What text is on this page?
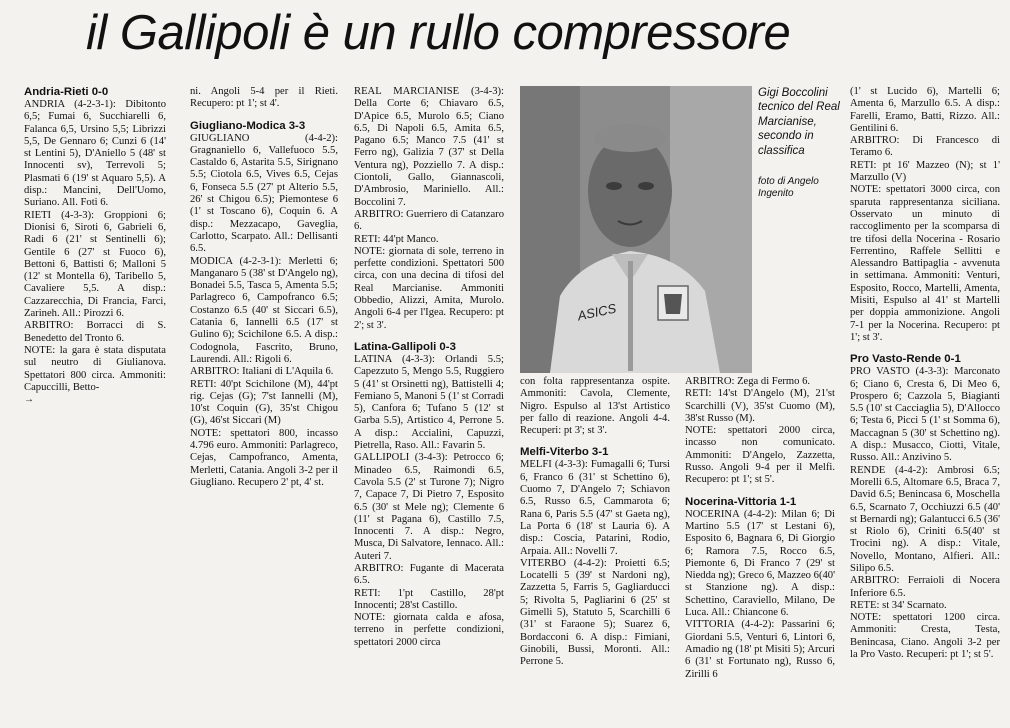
il Gallipoli è un rullo compressore

Andria-Rieti 0-0

ANDRIA (4-2-3-1): Dibitonto 6,5; Fumai 6, Succhiarelli 6, Falanca 6,5, Ursino 5,5; Librizzi 5,5, De Gennaro 6; Cunzi 6 (14' st Lentini 5), D'Aniello 5 (48' st Innocenti sv), Terrevoli 5; Plasmati 6 (19' st Aquaro 5,5). A disp.: Mancini, Dell'Uomo, Suriano. All. Foti 6.

RIETI (4-3-3): Groppioni 6; Dionisi 6, Siroti 6, Gabrieli 6, Radi 6 (21' st Sentinelli 6); Gentile 6 (27' st Fuoco 6), Bettoni 6, Battisti 6; Malloni 5 (12' st Montella 6), Taribello 5, Cavaliere 5,5. A disp.: Cazzarecchia, Di Francia, Farci, Zarineh. All.: Pirozzi 6.

ARBITRO: Borracci di S. Benedetto del Tronto 6.

NOTE: la gara è stata disputata sul neutro di Giulianova. Spettatori 800 circa. Ammoniti: Capuccilli, Betto-

→

ni. Angoli 5-4 per il Rieti. Recupero: pt 1'; st 4'.

Giugliano-Modica 3-3

GIUGLIANO (4-4-2): Gragnaniello 6, Vallefuoco 5.5, Castaldo 6, Astarita 5.5, Sirignano 5.5; Ciotola 6.5, Vives 6.5, Cejas 6, Fonseca 5.5 (27' pt Alterio 5.5, 26' st Chigou 6.5); Piemontese 6 (1' st Toscano 6), Coquin 6. A disp.: Mezzacapo, Gaveglia, Carlotto, Scarpato. All.: Dellisanti 6.5.

MODICA (4-2-3-1): Merletti 6; Manganaro 5 (38' st D'Angelo ng), Bonadei 5.5, Tasca 5, Amenta 5.5; Parlagreco 6, Campofranco 6.5; Costanzo 6.5 (40' st Siccari 6.5), Catania 6, Iannelli 6.5 (17' st Gulino 6); Scichilone 6.5. A disp.: Codognola, Fascrito, Bruno, Laurendi. All.: Rigoli 6.

ARBITRO: Italiani di L'Aquila 6.

RETI: 40'pt Scichilone (M), 44'pt rig. Cejas (G); 7'st Iannelli (M), 10'st Coquin (G), 35'st Chigou (G), 46'st Siccari (M)

NOTE: spettatori 800, incasso 4.796 euro. Ammoniti: Parlagreco, Cejas, Campofranco, Amenta, Merletti, Catania. Angoli 3-2 per il Giugliano. Recupero 2' pt, 4' st.

REAL MARCIANISE (3-4-3): Della Corte 6; Chiavaro 6.5, D'Apice 6.5, Murolo 6.5; Ciano 6.5, Di Napoli 6.5, Amita 6.5, Pagano 6.5; Manco 7.5 (41' st Ferro ng), Galizia 7 (37' st Della Ventura ng), Pozziello 7. A disp.: Ciontoli, Gallo, Giannascoli, D'Ambrosio, Mariniello. All.: Boccolini 7.

ARBITRO: Guerriero di Catanzaro 6.

RETI: 44'pt Manco.

NOTE: giornata di sole, terreno in perfette condizioni. Spettatori 500 circa, con una decina di tifosi del Real Marcianise. Ammoniti Obbedio, Alizzi, Amita, Murolo. Angoli 6-4 per l'Igea. Recupero: pt 2'; st 3'.

Latina-Gallipoli 0-3

LATINA (4-3-3): Orlandi 5.5; Capezzuto 5, Mengo 5.5, Ruggiero 5 (41' st Orsinetti ng), Battistelli 4; Femiano 5, Manoni 5 (1' st Corradi 5), Canfora 6; Tufano 5 (12' st Garba 5.5), Artistico 4, Perrone 5. A disp.: Accialini, Capuzzi, Pietrella, Raso. All.: Favarin 5.

GALLIPOLI (3-4-3): Petrocco 6; Minadeo 6.5, Raimondi 6.5, Cavola 5.5 (2' st Turone 7); Nigro 7, Capace 7, Di Pietro 7, Esposito 6.5 (30' st Mele ng); Clemente 6 (11' st Pagana 6), Castillo 7.5, Innocenti 7. A disp.: Negro, Musca, Di Salvatore, Iennaco. All.: Auteri 7.

ARBITRO: Fugante di Macerata 6.5.

RETI: 1'pt Castillo, 28'pt Innocenti; 28'st Castillo.

NOTE: giornata calda e afosa, terreno in perfette condizioni, spettatori 2000 circa

ASICS
Gigi Boccolini tecnico del Real Marcianise, secondo in classifica
foto di Angelo Ingenito

con folta rappresentanza ospite. Ammoniti: Cavola, Clemente, Nigro. Espulso al 13'st Artistico per fallo di reazione. Angoli 4-4. Recuperi: pt 3'; st 3'.

Melfi-Viterbo 3-1

MELFI (4-3-3): Fumagalli 6; Tursi 6, Franco 6 (31' st Schettino 6), Cuomo 7, D'Angelo 7; Schiavon 6.5, Russo 6.5, Cammarota 6; Rana 6, Paris 5.5 (47' st Gaeta ng), La Porta 6 (18' st Lauria 6). A disp.: Coscia, Patarini, Rodio, Arpaia. All.: Novelli 7.

VITERBO (4-4-2): Proietti 6.5; Locatelli 5 (39' st Nardoni ng), Zazzetta 5, Farris 5, Gagliarducci 5; Rivolta 5, Pagliarini 6 (25' st Gimelli 5), Statuto 5, Scarchilli 6 (31' st Faraone 5); Suarez 6, Bordacconi 6. A disp.: Fimiani, Ginobili, Bussi, Moronti. All.: Perrone 5.

ARBITRO: Zega di Fermo 6.

RETI: 14'st D'Angelo (M), 21'st Scarchilli (V), 35'st Cuomo (M), 38'st Russo (M).

NOTE: spettatori 2000 circa, incasso non comunicato. Ammoniti: D'Angelo, Zazzetta, Russo. Angoli 9-4 per il Melfi. Recupero: pt 1'; st 5'.

Nocerina-Vittoria 1-1

NOCERINA (4-4-2): Milan 6; Di Martino 5.5 (17' st Lestani 6), Esposito 6, Bagnara 6, Di Giorgio 6; Ramora 7.5, Rocco 6.5, Piemonte 6, Di Franco 7 (29' st Niedda ng); Greco 6, Mazzeo 6(40' st Stanzione ng). A disp.: Schettino, Caraviello, Milano, De Luca. All.: Chiancone 6.

VITTORIA (4-4-2): Passarini 6; Giordani 5.5, Venturi 6, Lintori 6, Amadio ng (18' pt Misiti 5); Arcuri 6 (31' st Fortunato ng), Russo 6, Zirilli 6

(1' st Lucido 6), Martelli 6; Amenta 6, Marzullo 6.5. A disp.: Farelli, Eramo, Batti, Rizzo. All.: Gentilini 6.

ARBITRO: Di Francesco di Teramo 6.

RETI: pt 16' Mazzeo (N); st 1' Marzullo (V)

NOTE: spettatori 3000 circa, con sparuta rappresentanza siciliana. Osservato un minuto di raccoglimento per la scomparsa di tre tifosi della Nocerina - Rosario Ferrentino, Raffele Sellitti e Alessandro Battipaglia - avvenuta in settimana. Ammoniti: Venturi, Esposito, Rocco, Martelli, Amenta, Misiti, Espulso al 41' st Martelli per doppia ammonizione. Angoli 7-1 per la Nocerina. Recupero: pt 1'; st 3'.

Pro Vasto-Rende 0-1

PRO VASTO (4-3-3): Marconato 6; Ciano 6, Cresta 6, Di Meo 6, Prospero 6; Cazzola 5, Biagianti 5.5 (10' st Cacciaglia 5), D'Allocco 6; Testa 6, Picci 5 (1' st Somma 6), Maccagnan 5 (30' st Schettino ng). A disp.: Musacco, Ciotti, Vitale, Russo. All.: Anzivino 5.

RENDE (4-4-2): Ambrosi 6.5; Morelli 6.5, Altomare 6.5, Braca 7, David 6.5; Benincasa 6, Moschella 6.5, Scarnato 7, Occhiuzzi 6.5 (40' st Bernardi ng); Galantucci 6.5 (36' st Riolo 6), Criniti 6.5(40' st Trocini ng). A disp.: Vitale, Novello, Montano, Alfieri. All.: Silipo 6.5.

ARBITRO: Ferraioli di Nocera Inferiore 6.5.

RETE: st 34' Scarnato.

NOTE: spettatori 1200 circa. Ammoniti: Cresta, Testa, Benincasa, Ciano. Angoli 3-2 per la Pro Vasto. Recuperi: pt 1'; st 5'.
